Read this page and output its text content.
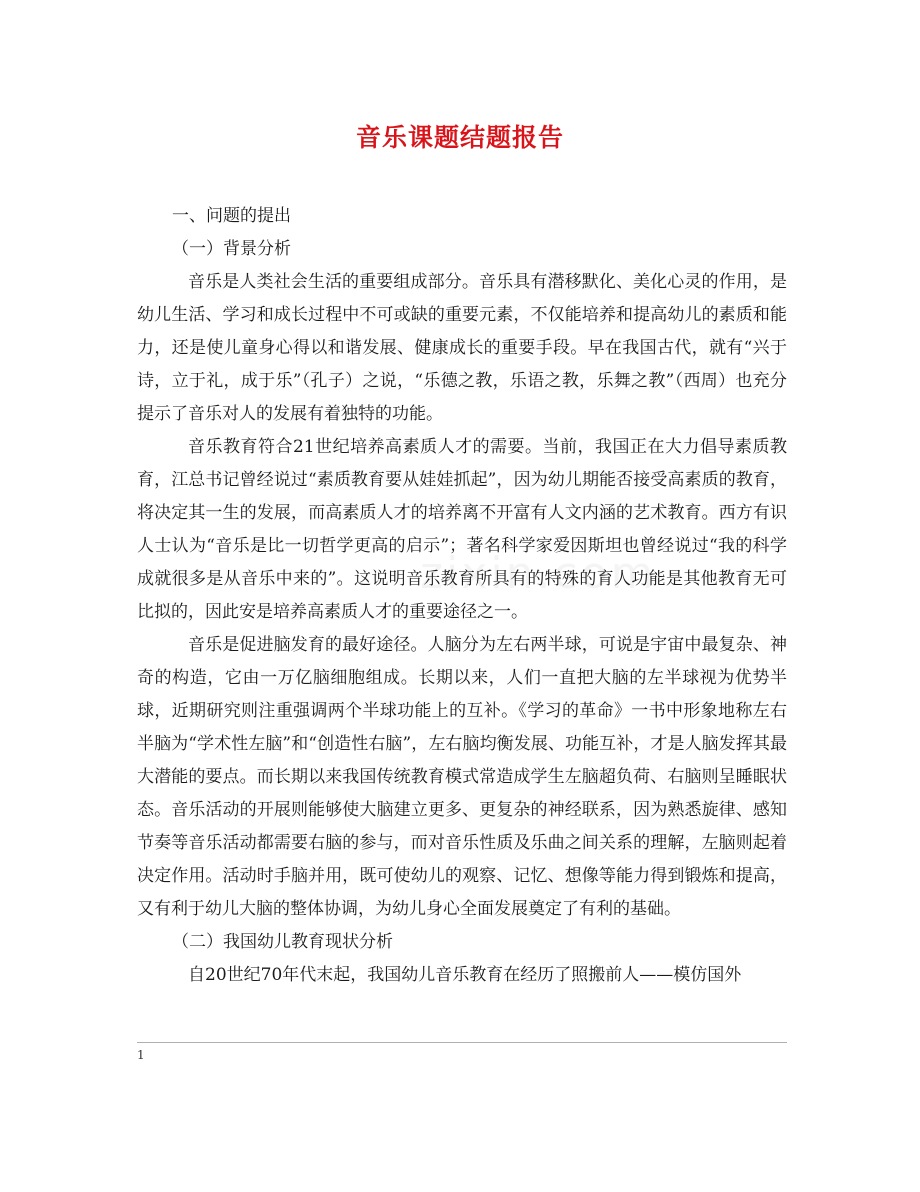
音乐课题结题报告

一、问题的提出

（一）背景分析

音乐是人类社会生活的重要组成部分。音乐具有潜移默化、美化心灵的作用，是幼儿生活、学习和成长过程中不可或缺的重要元素，不仅能培养和提高幼儿的素质和能力，还是使儿童身心得以和谐发展、健康成长的重要手段。早在我国古代，就有“兴于诗，立于礼，成于乐”（孔子）之说，“乐德之教，乐语之教，乐舞之教”（西周）也充分提示了音乐对人的发展有着独特的功能。

音乐教育符合21世纪培养高素质人才的需要。当前，我国正在大力倡导素质教育，江总书记曾经说过“素质教育要从娃娃抓起”，因为幼儿期能否接受高素质的教育，将决定其一生的发展，而高素质人才的培养离不开富有人文内涵的艺术教育。西方有识人士认为“音乐是比一切哲学更高的启示”；著名科学家爱因斯坦也曾经说过“我的科学成就很多是从音乐中来的”。这说明音乐教育所具有的特殊的育人功能是其他教育无可比拟的，因此安是培养高素质人才的重要途径之一。

音乐是促进脑发育的最好途径。人脑分为左右两半球，可说是宇宙中最复杂、神奇的构造，它由一万亿脑细胞组成。长期以来，人们一直把大脑的左半球视为优势半球，近期研究则注重强调两个半球功能上的互补。《学习的革命》一书中形象地称左右半脑为“学术性左脑”和“创造性右脑”，左右脑均衡发展、功能互补，才是人脑发挥其最大潜能的要点。而长期以来我国传统教育模式常造成学生左脑超负荷、右脑则呈睡眠状态。音乐活动的开展则能够使大脑建立更多、更复杂的神经联系，因为熟悉旋律、感知节奏等音乐活动都需要右脑的参与，而对音乐性质及乐曲之间关系的理解，左脑则起着决定作用。活动时手脑并用，既可使幼儿的观察、记忆、想像等能力得到锻炼和提高，又有利于幼儿大脑的整体协调，为幼儿身心全面发展奠定了有利的基础。

（二）我国幼儿教育现状分析

自20世纪70年代末起，我国幼儿音乐教育在经历了照搬前人——模仿国外

1
